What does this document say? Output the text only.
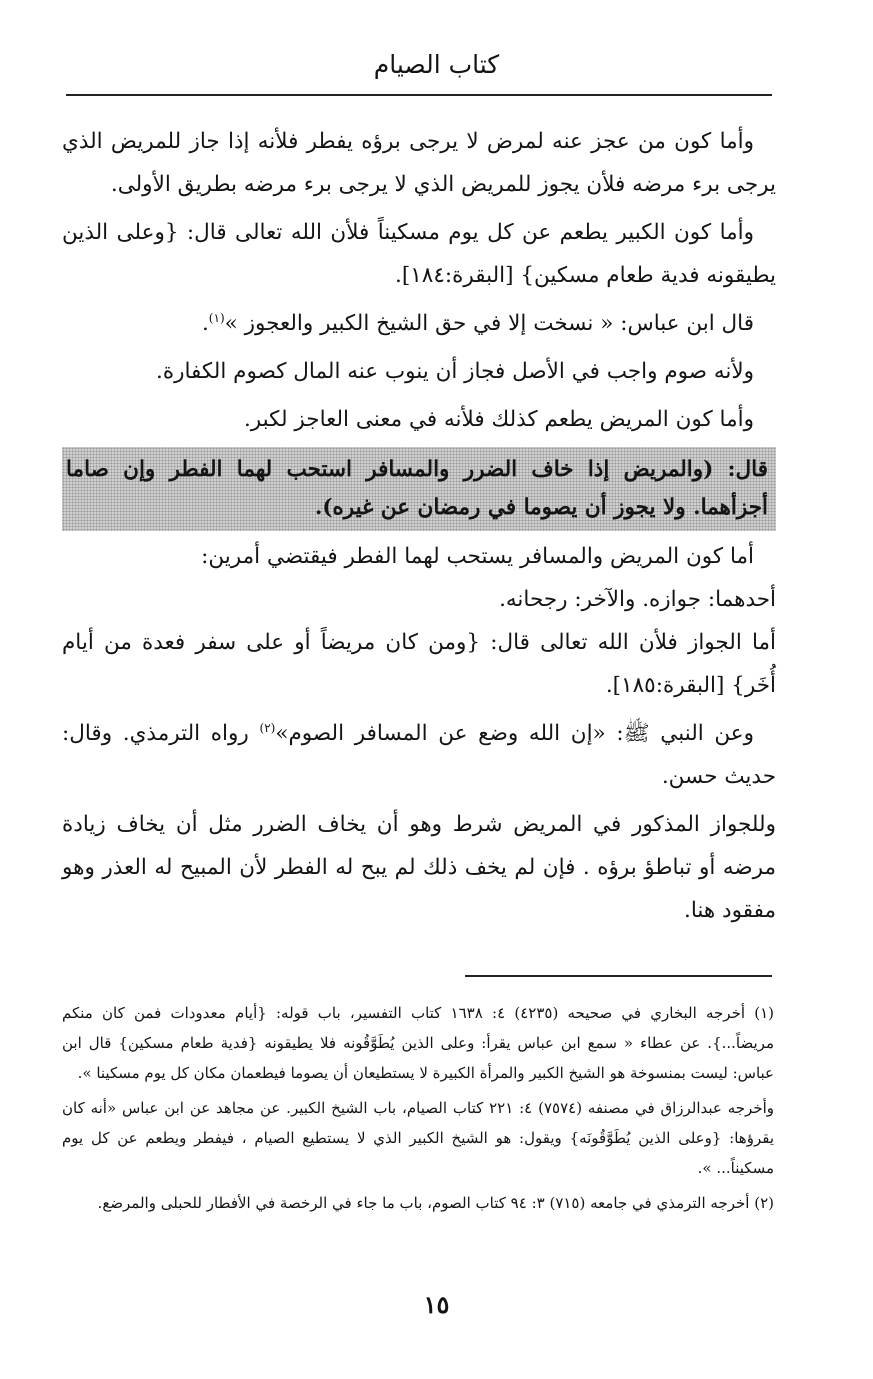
كتاب الصيام

وأما كون من عجز عنه لمرض لا يرجى برؤه يفطر فلأنه إذا جاز للمريض الذي يرجى برء مرضه فلأن يجوز للمريض الذي لا يرجى برء مرضه بطريق الأولى.

وأما كون الكبير يطعم عن كل يوم مسكيناً فلأن الله تعالى قال: {وعلى الذين يطيقونه فدية طعام مسكين} [البقرة:١٨٤].

قال ابن عباس: « نسخت إلا في حق الشيخ الكبير والعجوز »$^{(١)}$.

ولأنه صوم واجب في الأصل فجاز أن ينوب عنه المال كصوم الكفارة.

وأما كون المريض يطعم كذلك فلأنه في معنى العاجز لكبر.

قال: (والمريض إذا خاف الضرر والمسافر استحب لهما الفطر وإن صاما أجزأهما. ولا يجوز أن يصوما في رمضان عن غيره).

أما كون المريض والمسافر يستحب لهما الفطر فيقتضي أمرين:

أحدهما: جوازه. والآخر: رجحانه.

أما الجواز فلأن الله تعالى قال: {ومن كان مريضاً أو على سفر فعدة من أيام أُخَر} [البقرة:١٨٥].

وعن النبي ﷺ: «إن الله وضع عن المسافر الصوم»$^{(٢)}$ رواه الترمذي. وقال: حديث حسن.

وللجواز المذكور في المريض شرط وهو أن يخاف الضرر مثل أن يخاف زيادة مرضه أو تباطؤ برؤه . فإن لم يخف ذلك لم يبح له الفطر لأن المبيح له العذر وهو مفقود هنا.

(١) أخرجه البخاري في صحيحه (٤٢٣٥) ٤: ١٦٣٨ كتاب التفسير، باب قوله: {أيام معدودات فمن كان منكم مريضاً...}. عن عطاء « سمع ابن عباس يقرأ: وعلى الذين يُطَوَّقُونه فلا يطيقونه {فدية طعام مسكين} قال ابن عباس: ليست بمنسوخة هو الشيخ الكبير والمرأة الكبيرة لا يستطيعان أن يصوما فيطعمان مكان كل يوم مسكينا ».

وأخرجه عبدالرزاق في مصنفه (٧٥٧٤) ٤: ٢٢١ كتاب الصيام، باب الشيخ الكبير. عن مجاهد عن ابن عباس «أنه كان يقرؤها: {وعلى الذين يُطَوَّقُونَه} ويقول: هو الشيخ الكبير الذي لا يستطيع الصيام ، فيفطر ويطعم عن كل يوم مسكيناً... ».

(٢) أخرجه الترمذي في جامعه (٧١٥) ٣: ٩٤ كتاب الصوم، باب ما جاء في الرخصة في الأفطار للحبلى والمرضع.

١٥
